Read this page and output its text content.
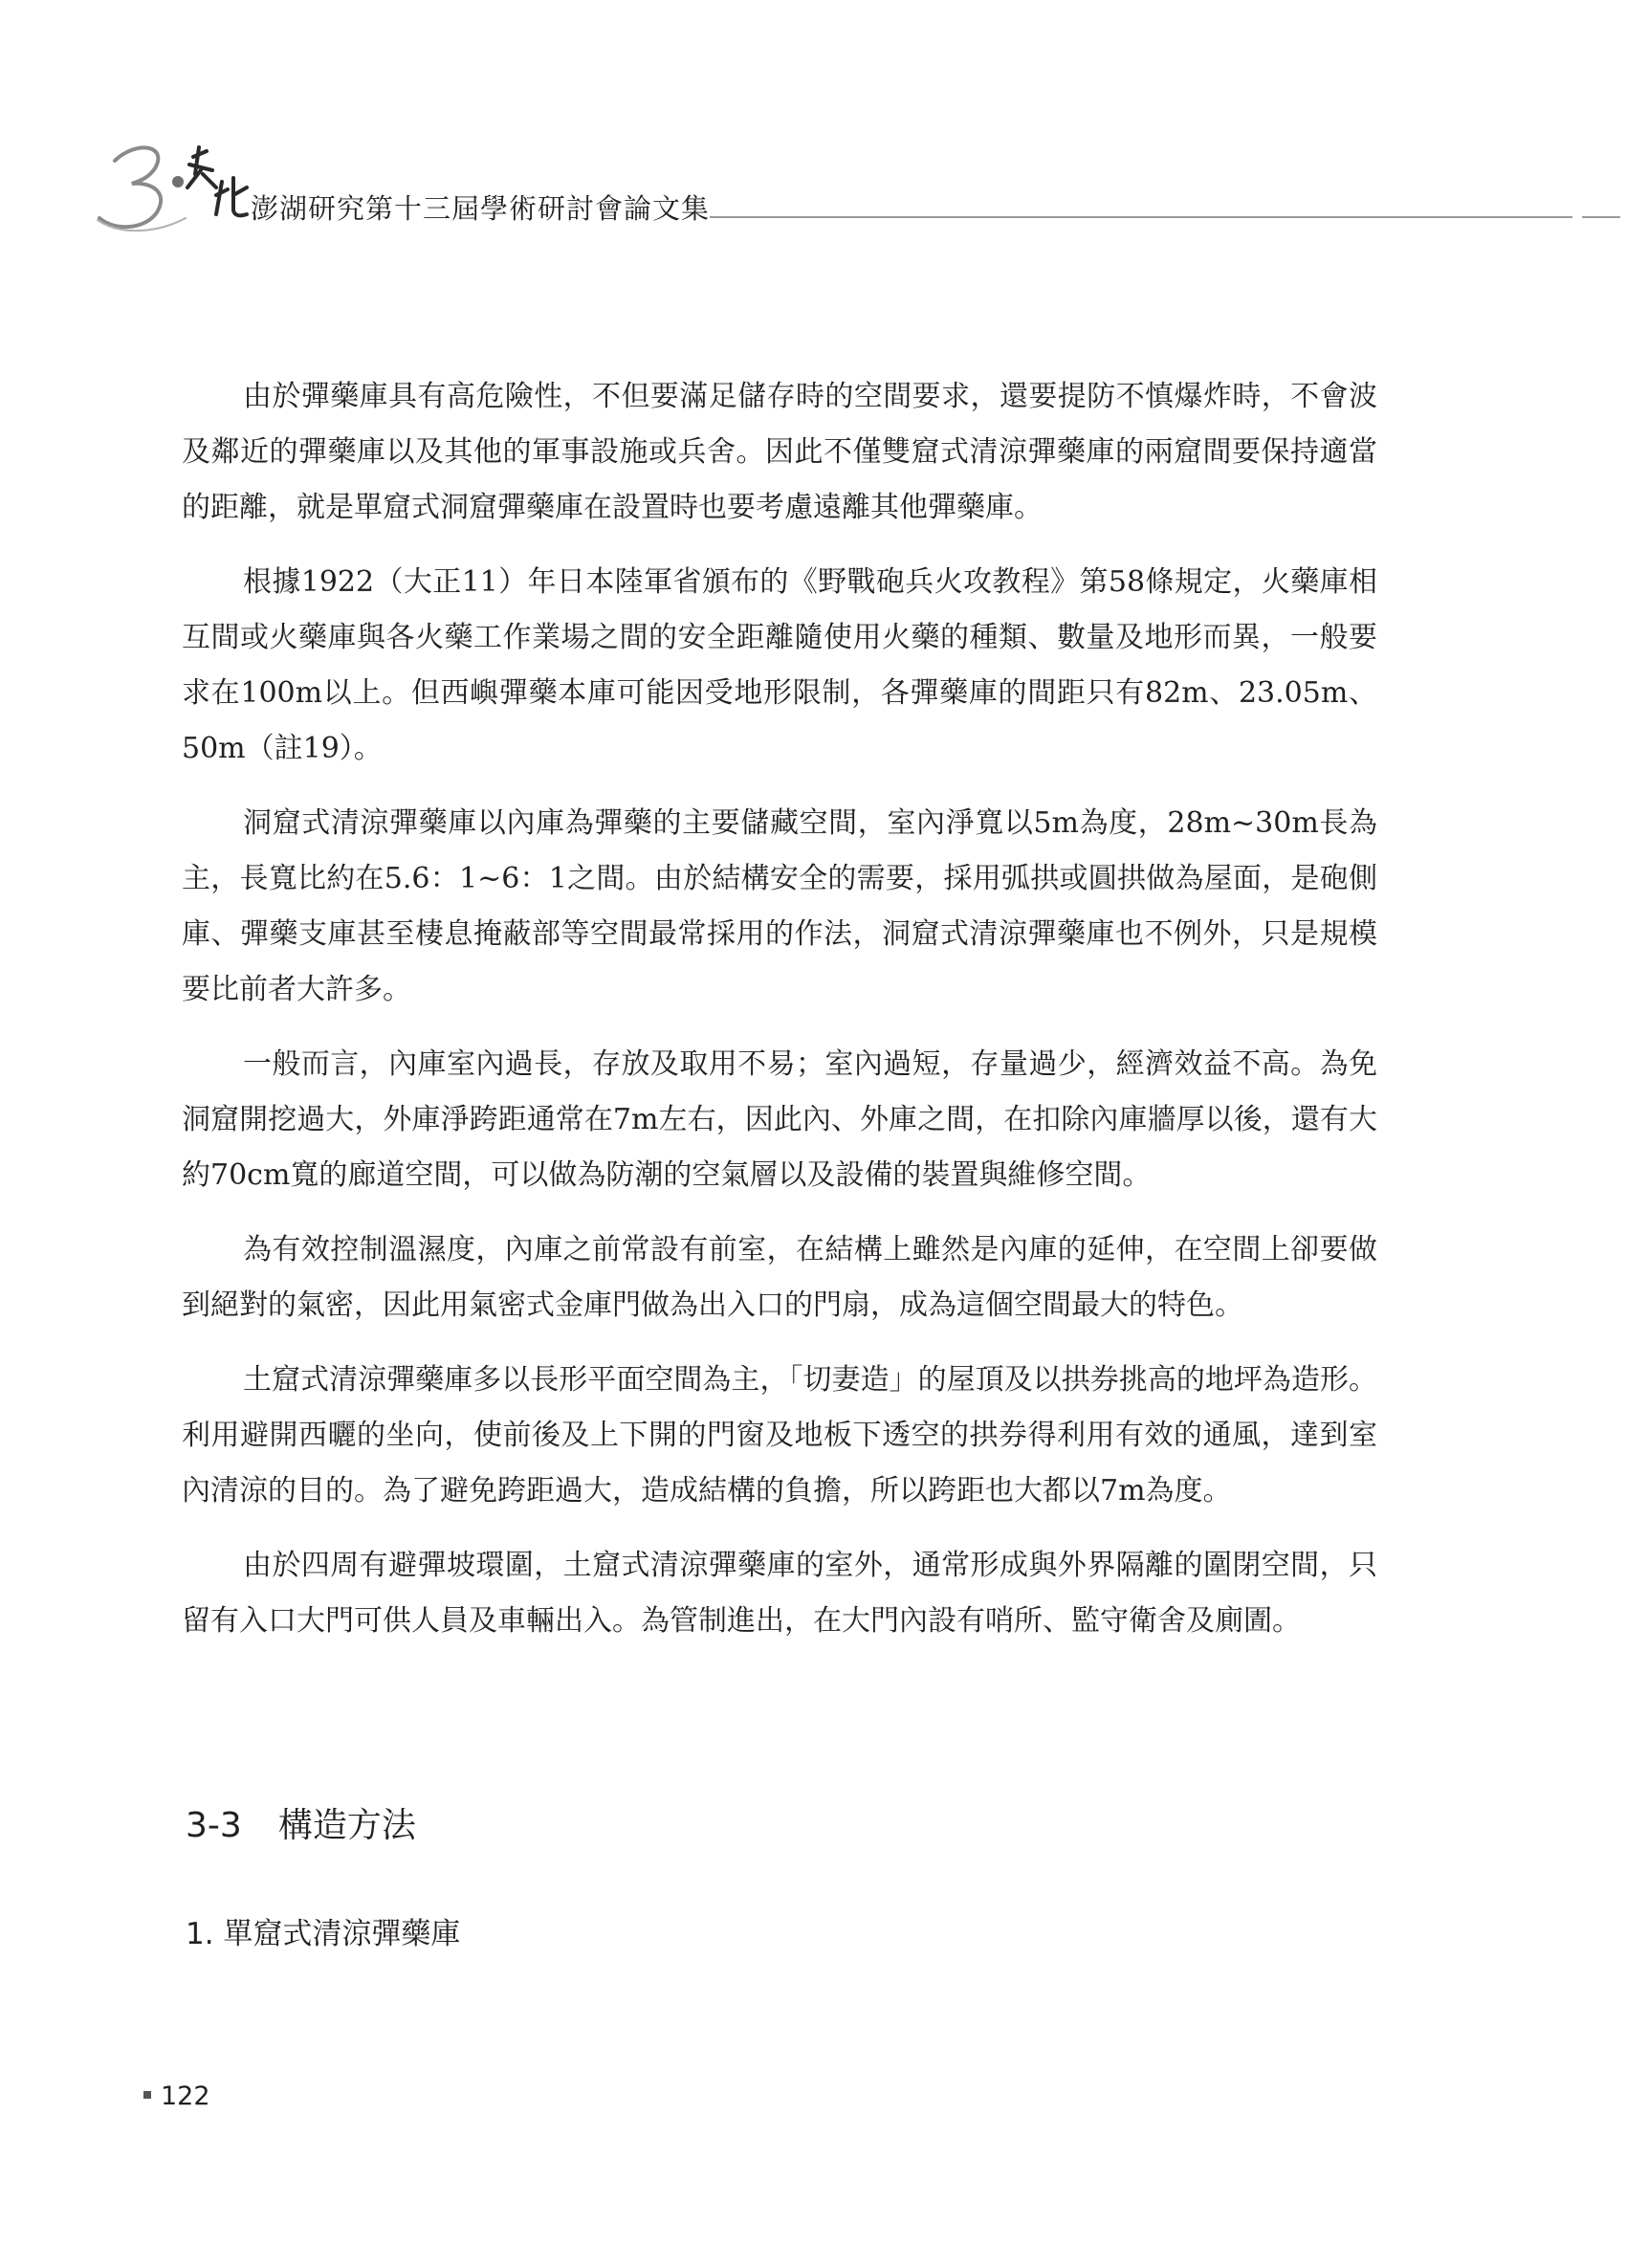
澎湖研究第十三屆學術研討會論文集

由於彈藥庫具有高危險性，不但要滿足儲存時的空間要求，還要提防不慎爆炸時，不會波及鄰近的彈藥庫以及其他的軍事設施或兵舍。因此不僅雙窟式清涼彈藥庫的兩窟間要保持適當的距離，就是單窟式洞窟彈藥庫在設置時也要考慮遠離其他彈藥庫。

根據1922（大正11）年日本陸軍省頒布的《野戰砲兵火攻教程》第58條規定，火藥庫相互間或火藥庫與各火藥工作業場之間的安全距離隨使用火藥的種類、數量及地形而異，一般要求在100m以上。但西嶼彈藥本庫可能因受地形限制，各彈藥庫的間距只有82m、23.05m、50m（註19）。

洞窟式清涼彈藥庫以內庫為彈藥的主要儲藏空間，室內淨寬以5m為度，28m~30m長為主，長寬比約在5.6：1~6：1之間。由於結構安全的需要，採用弧拱或圓拱做為屋面，是砲側庫、彈藥支庫甚至棲息掩蔽部等空間最常採用的作法，洞窟式清涼彈藥庫也不例外，只是規模要比前者大許多。

一般而言，內庫室內過長，存放及取用不易；室內過短，存量過少，經濟效益不高。為免洞窟開挖過大，外庫淨跨距通常在7m左右，因此內、外庫之間，在扣除內庫牆厚以後，還有大約70cm寬的廊道空間，可以做為防潮的空氣層以及設備的裝置與維修空間。

為有效控制溫濕度，內庫之前常設有前室，在結構上雖然是內庫的延伸，在空間上卻要做到絕對的氣密，因此用氣密式金庫門做為出入口的門扇，成為這個空間最大的特色。

土窟式清涼彈藥庫多以長形平面空間為主，「切妻造」的屋頂及以拱券挑高的地坪為造形。利用避開西曬的坐向，使前後及上下開的門窗及地板下透空的拱券得利用有效的通風，達到室內清涼的目的。為了避免跨距過大，造成結構的負擔，所以跨距也大都以7m為度。

由於四周有避彈坡環圍，土窟式清涼彈藥庫的室外，通常形成與外界隔離的圍閉空間，只留有入口大門可供人員及車輛出入。為管制進出，在大門內設有哨所、監守衛舍及廁圊。

3-3 構造方法
1. 單窟式清涼彈藥庫
122
